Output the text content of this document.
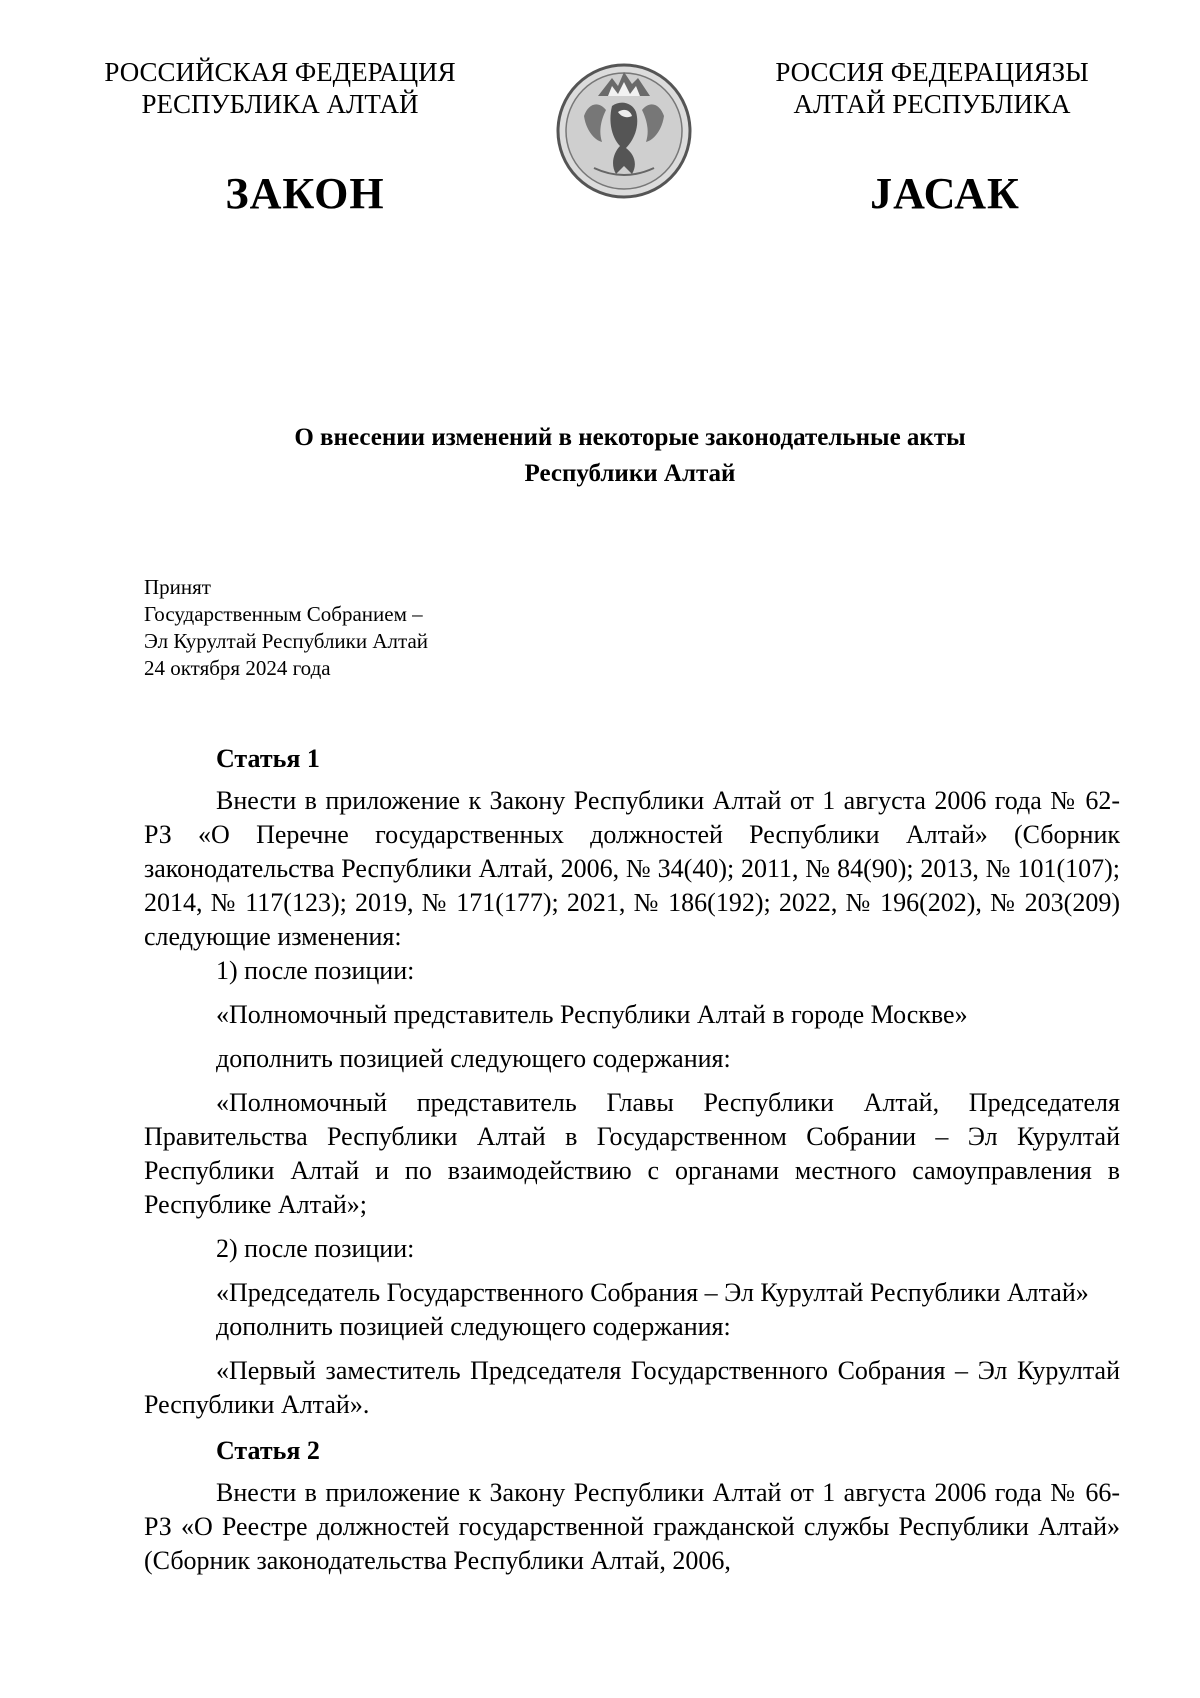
РОССИЙСКАЯ ФЕДЕРАЦИЯ
РЕСПУБЛИКА АЛТАЙ
РОССИЯ ФЕДЕРАЦИЯЗЫ
АЛТАЙ РЕСПУБЛИКА
ЗАКОН	JАСАК
О внесении изменений в некоторые законодательные акты
Республики Алтай
Принят
Государственным Собранием –
Эл Курултай Республики Алтай
24 октября 2024 года

Статья 1

Внести в приложение к Закону Республики Алтай от 1 августа 2006 года № 62-РЗ «О Перечне государственных должностей Республики Алтай» (Сборник законодательства Республики Алтай, 2006, № 34(40); 2011, № 84(90); 2013, № 101(107); 2014, № 117(123); 2019, № 171(177); 2021, № 186(192); 2022, № 196(202), № 203(209) следующие изменения:

1) после позиции:

«Полномочный представитель Республики Алтай в городе Москве»

дополнить позицией следующего содержания:

«Полномочный представитель Главы Республики Алтай, Председателя Правительства Республики Алтай в Государственном Собрании – Эл Курултай Республики Алтай и по взаимодействию с органами местного самоуправления в Республике Алтай»;

2) после позиции:

«Председатель Государственного Собрания – Эл Курултай Республики Алтай»

дополнить позицией следующего содержания:

«Первый заместитель Председателя Государственного Собрания – Эл Курултай Республики Алтай».

Статья 2

Внести в приложение к Закону Республики Алтай от 1 августа 2006 года № 66-РЗ «О Реестре должностей государственной гражданской службы Республики Алтай» (Сборник законодательства Республики Алтай, 2006,
